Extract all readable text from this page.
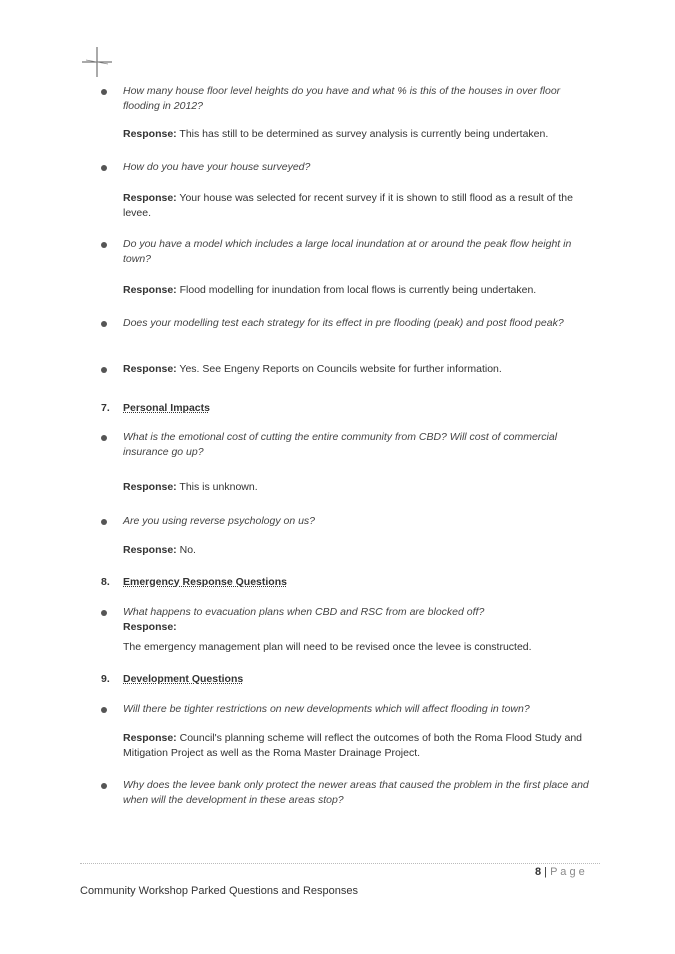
How many house floor level heights do you have and what % is this of the houses in over floor flooding in 2012?
Response: This has still to be determined as survey analysis is currently being undertaken.
How do you have your house surveyed?
Response: Your house was selected for recent survey if it is shown to still flood as a result of the levee.
Do you have a model which includes a large local inundation at or around the peak flow height in town?
Response: Flood modelling for inundation from local flows is currently being undertaken.
Does your modelling test each strategy for its effect in pre flooding (peak) and post flood peak?
Response: Yes. See Engeny Reports on Councils website for further information.
7. Personal Impacts
What is the emotional cost of cutting the entire community from CBD? Will cost of commercial insurance go up?
Response: This is unknown.
Are you using reverse psychology on us?
Response: No.
8. Emergency Response Questions
What happens to evacuation plans when CBD and RSC from are blocked off?
Response:
The emergency management plan will need to be revised once the levee is constructed.
9. Development Questions
Will there be tighter restrictions on new developments which will affect flooding in town?
Response: Council's planning scheme will reflect the outcomes of both the Roma Flood Study and Mitigation Project as well as the Roma Master Drainage Project.
Why does the levee bank only protect the newer areas that caused the problem in the first place and when will the development in these areas stop?
8 | P a g e
Community Workshop Parked Questions and Responses
